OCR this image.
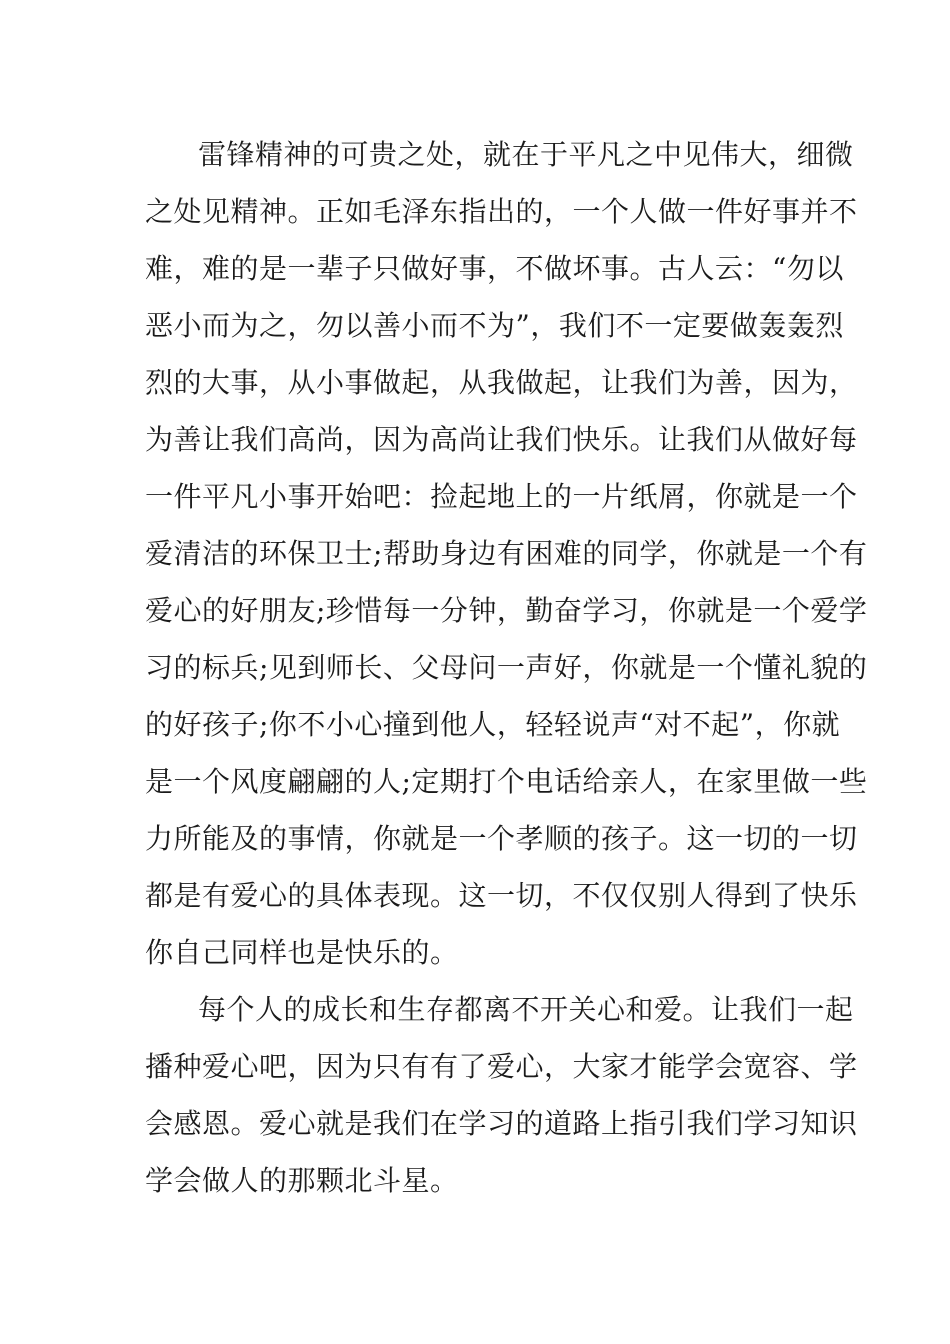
雷锋精神的可贵之处，就在于平凡之中见伟大，细微
之处见精神。正如毛泽东指出的，一个人做一件好事并不
难，难的是一辈子只做好事，不做坏事。古人云：“勿以
恶小而为之，勿以善小而不为”，我们不一定要做轰轰烈
烈的大事，从小事做起，从我做起，让我们为善，因为，
为善让我们高尚，因为高尚让我们快乐。让我们从做好每
一件平凡小事开始吧：捡起地上的一片纸屑，你就是一个
爱清洁的环保卫士;帮助身边有困难的同学，你就是一个有
爱心的好朋友;珍惜每一分钟，勤奋学习，你就是一个爱学
习的标兵;见到师长、父母问一声好，你就是一个懂礼貌的
的好孩子;你不小心撞到他人，轻轻说声“对不起”，你就
是一个风度翩翩的人;定期打个电话给亲人，在家里做一些
力所能及的事情，你就是一个孝顺的孩子。这一切的一切
都是有爱心的具体表现。这一切，不仅仅别人得到了快乐
你自己同样也是快乐的。
每个人的成长和生存都离不开关心和爱。让我们一起
播种爱心吧，因为只有有了爱心，大家才能学会宽容、学
会感恩。爱心就是我们在学习的道路上指引我们学习知识
学会做人的那颗北斗星。
